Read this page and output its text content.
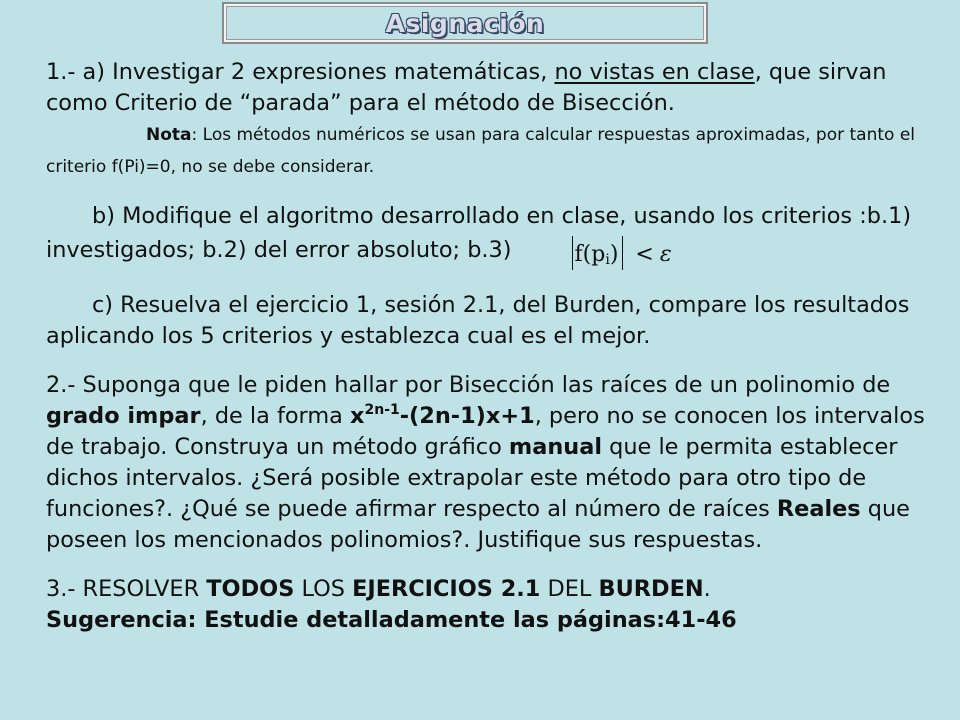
Asignación

1.- a) Investigar 2 expresiones matemáticas, no vistas en clase, que sirvan como Criterio de “parada” para el método de Bisección.

Nota: Los métodos numéricos se usan para calcular respuestas aproximadas, por tanto el criterio f(Pi)=0, no se debe considerar.

b) Modifique el algoritmo desarrollado en clase, usando los criterios :b.1) investigados; b.2) del error absoluto; b.3)	$f(p_i) < \varepsilon$

c) Resuelva el ejercicio 1, sesión 2.1, del Burden, compare los resultados aplicando los 5 criterios y establezca cual es el mejor.

2.- Suponga que le piden hallar por Bisección las raíces de un polinomio de grado impar, de la forma $x^{2n-1}-(2n-1)x+1$, pero no se conocen los intervalos de trabajo. Construya un método gráfico manual que le permita establecer dichos intervalos. ¿Será posible extrapolar este método para otro tipo de funciones?. ¿Qué se puede afirmar respecto al número de raíces Reales que poseen los mencionados polinomios?. Justifique sus respuestas.

3.- RESOLVER TODOS LOS EJERCICIOS 2.1 DEL BURDEN.
Sugerencia: Estudie detalladamente las páginas:41-46
